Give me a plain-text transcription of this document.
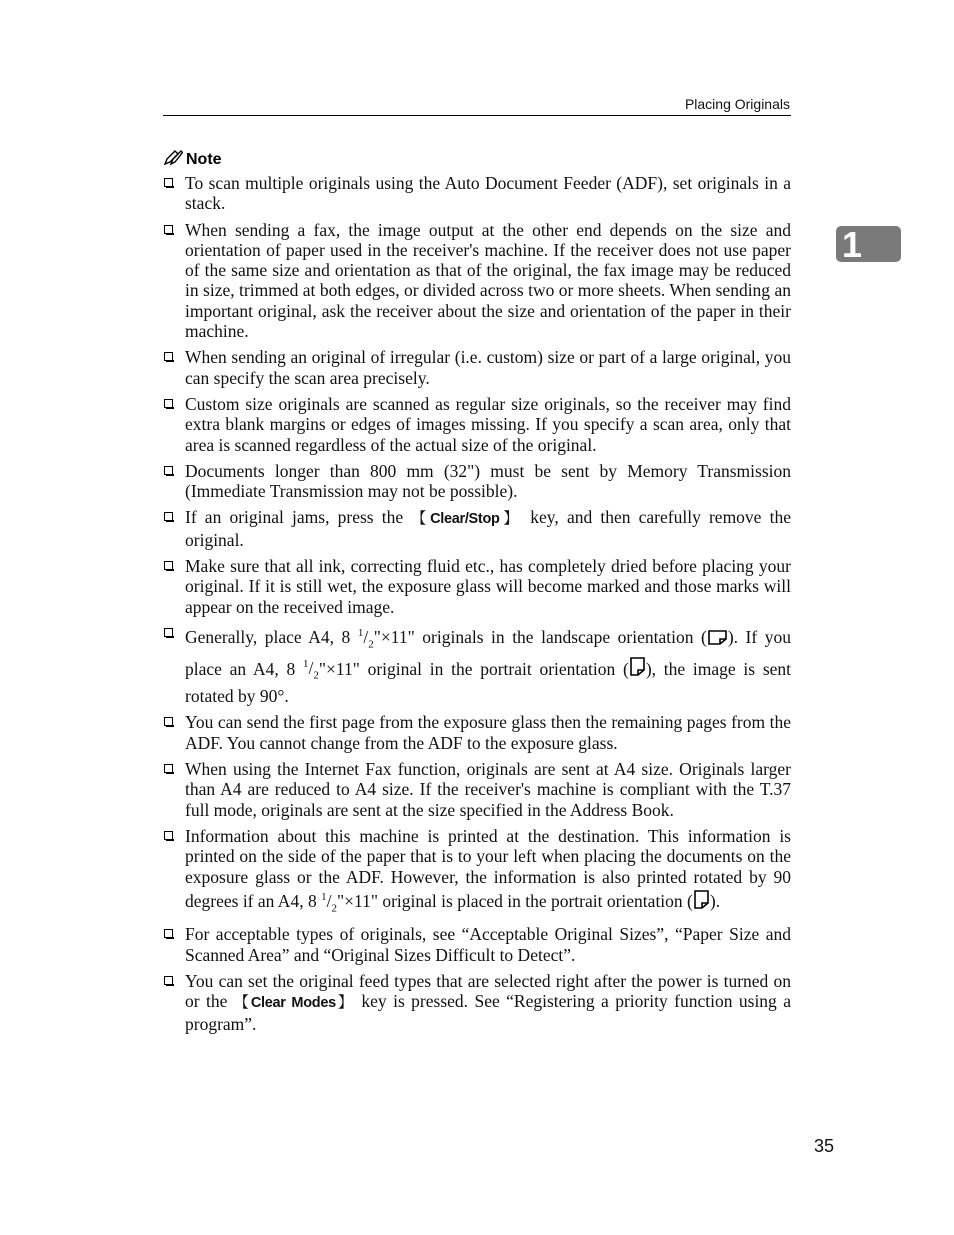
Placing Originals
1
Note
To scan multiple originals using the Auto Document Feeder (ADF), set originals in a stack.
When sending a fax, the image output at the other end depends on the size and orientation of paper used in the receiver's machine. If the receiver does not use paper of the same size and orientation as that of the original, the fax image may be reduced in size, trimmed at both edges, or divided across two or more sheets. When sending an important original, ask the receiver about the size and orientation of the paper in their machine.
When sending an original of irregular (i.e. custom) size or part of a large original, you can specify the scan area precisely.
Custom size originals are scanned as regular size originals, so the receiver may find extra blank margins or edges of images missing. If you specify a scan area, only that area is scanned regardless of the actual size of the original.
Documents longer than 800 mm (32") must be sent by Memory Transmission (Immediate Transmission may not be possible).
If an original jams, press the 【Clear/Stop】 key, and then carefully remove the original.
Make sure that all ink, correcting fluid etc., has completely dried before placing your original. If it is still wet, the exposure glass will become marked and those marks will appear on the received image.
Generally, place A4, 8 $^1/_2"\times 11$" originals in the landscape orientation ( ). If you place an A4, 8 $^1/_2"\times 11$" original in the portrait orientation ( ), the image is sent rotated by 90°.
You can send the first page from the exposure glass then the remaining pages from the ADF. You cannot change from the ADF to the exposure glass.
When using the Internet Fax function, originals are sent at A4 size. Originals larger than A4 are reduced to A4 size. If the receiver's machine is compliant with the T.37 full mode, originals are sent at the size specified in the Address Book.
Information about this machine is printed at the destination. This information is printed on the side of the paper that is to your left when placing the documents on the exposure glass or the ADF. However, the information is also printed rotated by 90 degrees if an A4, 8 $^1/_2"\times 11$" original is placed in the portrait orientation ( ).
For acceptable types of originals, see “Acceptable Original Sizes”, “Paper Size and Scanned Area” and “Original Sizes Difficult to Detect”.
You can set the original feed types that are selected right after the power is turned on or the 【Clear Modes】 key is pressed. See “Registering a priority function using a program”.
35
